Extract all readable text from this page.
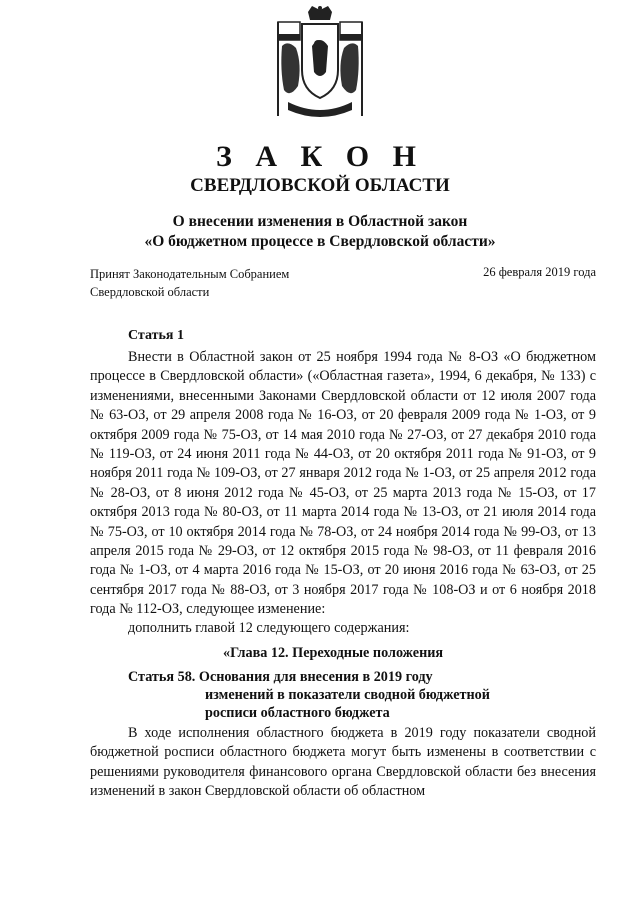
З А К О Н
СВЕРДЛОВСКОЙ ОБЛАСТИ
О внесении изменения в Областной закон
«О бюджетном процессе в Свердловской области»
Принят Законодательным Собранием
Свердловской области
26 февраля 2019 года
Статья 1
Внести в Областной закон от 25 ноября 1994 года № 8-ОЗ «О бюджетном процессе в Свердловской области» («Областная газета», 1994, 6 декабря, № 133) с изменениями, внесенными Законами Свердловской области от 12 июля 2007 года № 63-ОЗ, от 29 апреля 2008 года № 16-ОЗ, от 20 февраля 2009 года № 1-ОЗ, от 9 октября 2009 года № 75-ОЗ, от 14 мая 2010 года № 27-ОЗ, от 27 декабря 2010 года № 119-ОЗ, от 24 июня 2011 года № 44-ОЗ, от 20 октября 2011 года № 91-ОЗ, от 9 ноября 2011 года № 109-ОЗ, от 27 января 2012 года № 1-ОЗ, от 25 апреля 2012 года № 28-ОЗ, от 8 июня 2012 года № 45-ОЗ, от 25 марта 2013 года № 15-ОЗ, от 17 октября 2013 года № 80-ОЗ, от 11 марта 2014 года № 13-ОЗ, от 21 июля 2014 года № 75-ОЗ, от 10 октября 2014 года № 78-ОЗ, от 24 ноября 2014 года № 99-ОЗ, от 13 апреля 2015 года № 29-ОЗ, от 12 октября 2015 года № 98-ОЗ, от 11 февраля 2016 года № 1-ОЗ, от 4 марта 2016 года № 15-ОЗ, от 20 июня 2016 года № 63-ОЗ, от 25 сентября 2017 года № 88-ОЗ, от 3 ноября 2017 года № 108-ОЗ и от 6 ноября 2018 года № 112-ОЗ, следующее изменение:
дополнить главой 12 следующего содержания:
«Глава 12. Переходные положения
Статья 58. Основания для внесения в 2019 году
изменений в показатели сводной бюджетной
росписи областного бюджета
В ходе исполнения областного бюджета в 2019 году показатели сводной бюджетной росписи областного бюджета могут быть изменены в соответствии с решениями руководителя финансового органа Свердловской области без внесения изменений в закон Свердловской области об областном
